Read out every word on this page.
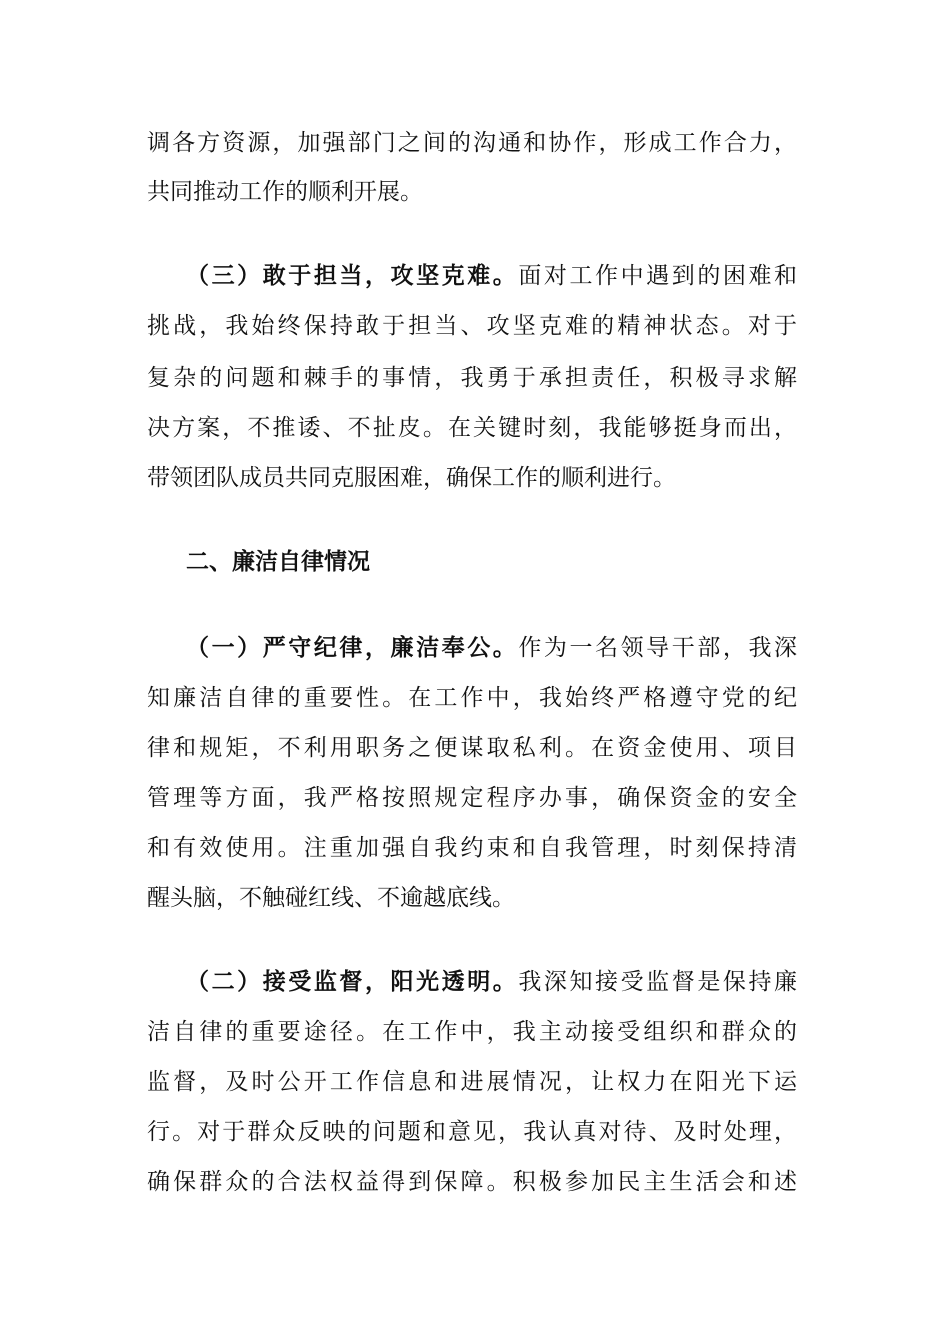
调各方资源，加强部门之间的沟通和协作，形成工作合力，
共同推动工作的顺利开展。
（三）敢于担当，攻坚克难。面对工作中遇到的困难和
挑战，我始终保持敢于担当、攻坚克难的精神状态。对于
复杂的问题和棘手的事情，我勇于承担责任，积极寻求解
决方案，不推诿、不扯皮。在关键时刻，我能够挺身而出，
带领团队成员共同克服困难，确保工作的顺利进行。
二、廉洁自律情况
（一）严守纪律，廉洁奉公。作为一名领导干部，我深
知廉洁自律的重要性。在工作中，我始终严格遵守党的纪
律和规矩，不利用职务之便谋取私利。在资金使用、项目
管理等方面，我严格按照规定程序办事，确保资金的安全
和有效使用。注重加强自我约束和自我管理，时刻保持清
醒头脑，不触碰红线、不逾越底线。
（二）接受监督，阳光透明。我深知接受监督是保持廉
洁自律的重要途径。在工作中，我主动接受组织和群众的
监督，及时公开工作信息和进展情况，让权力在阳光下运
行。对于群众反映的问题和意见，我认真对待、及时处理，
确保群众的合法权益得到保障。积极参加民主生活会和述
